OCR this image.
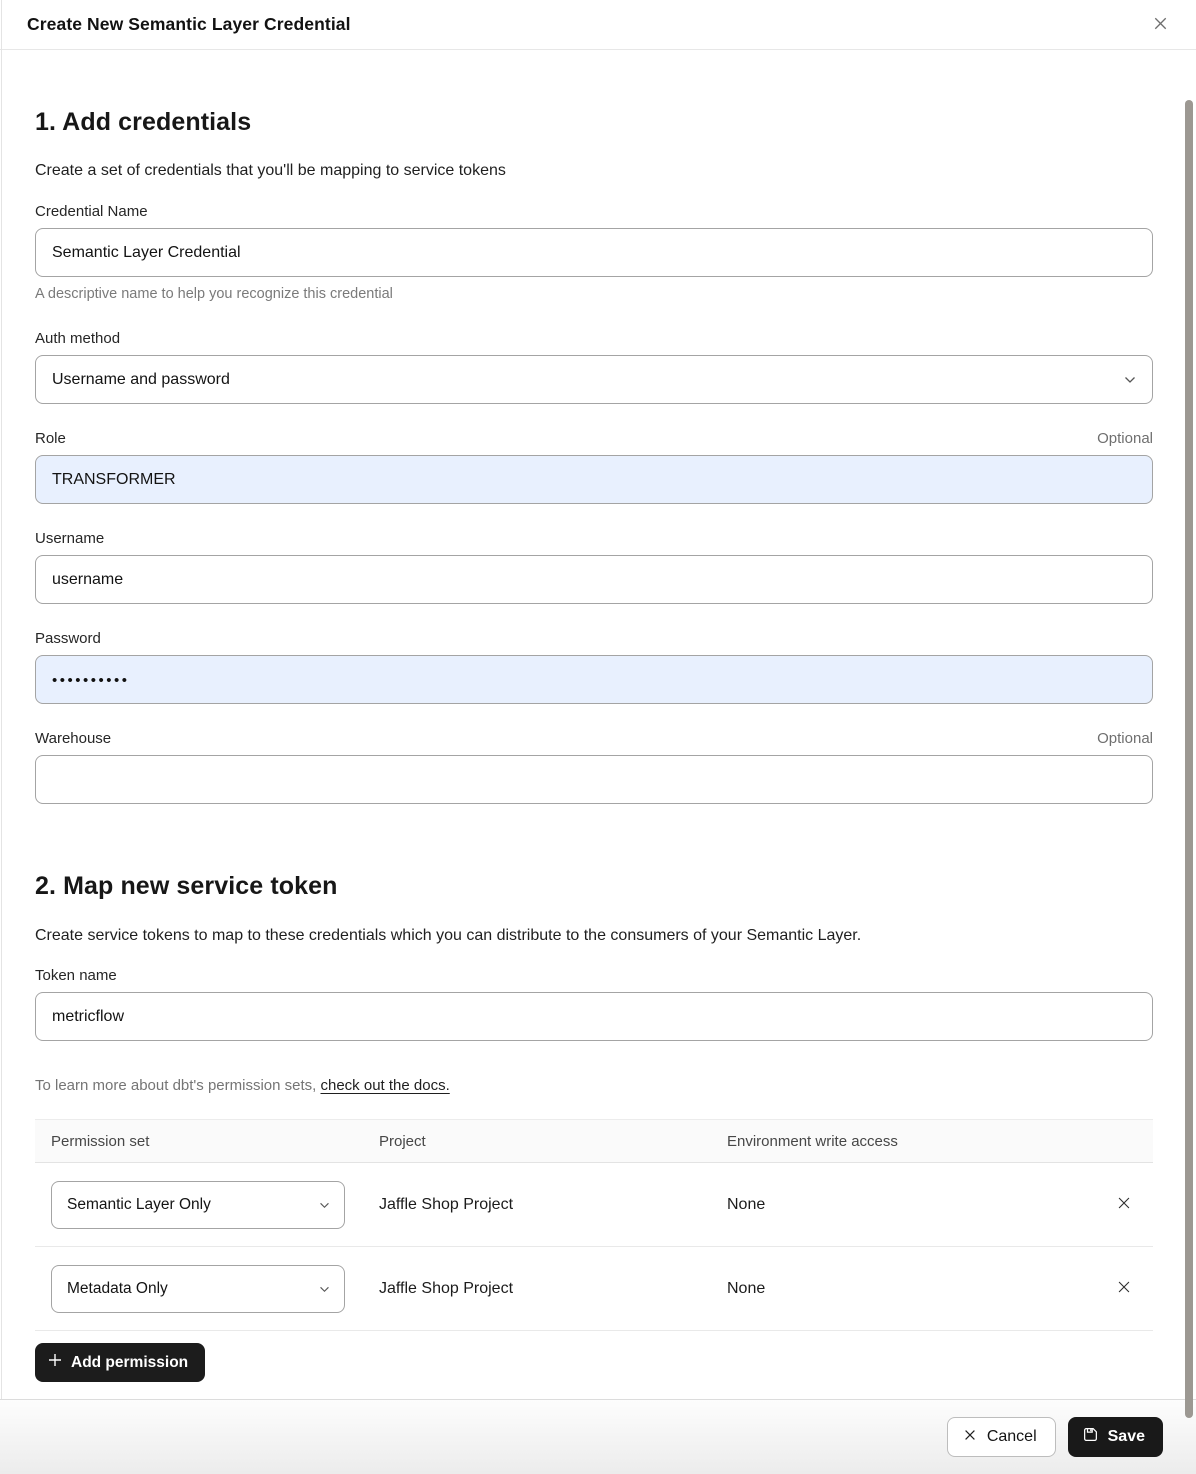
Create New Semantic Layer Credential
1. Add credentials

Create a set of credentials that you'll be mapping to service tokens

Credential Name
Semantic Layer Credential
A descriptive name to help you recognize this credential
Auth method
Username and password
Role	Optional
TRANSFORMER
Username
username
Password
••••••••••
Warehouse	Optional
2. Map new service token

Create service tokens to map to these credentials which you can distribute to the consumers of your Semantic Layer.

Token name
metricflow

To learn more about dbt's permission sets, check out the docs.

Permission set	Project	Environment write access
Semantic Layer Only	Jaffle Shop Project	None
Metadata Only	Jaffle Shop Project	None
Add permission
Cancel	Save
